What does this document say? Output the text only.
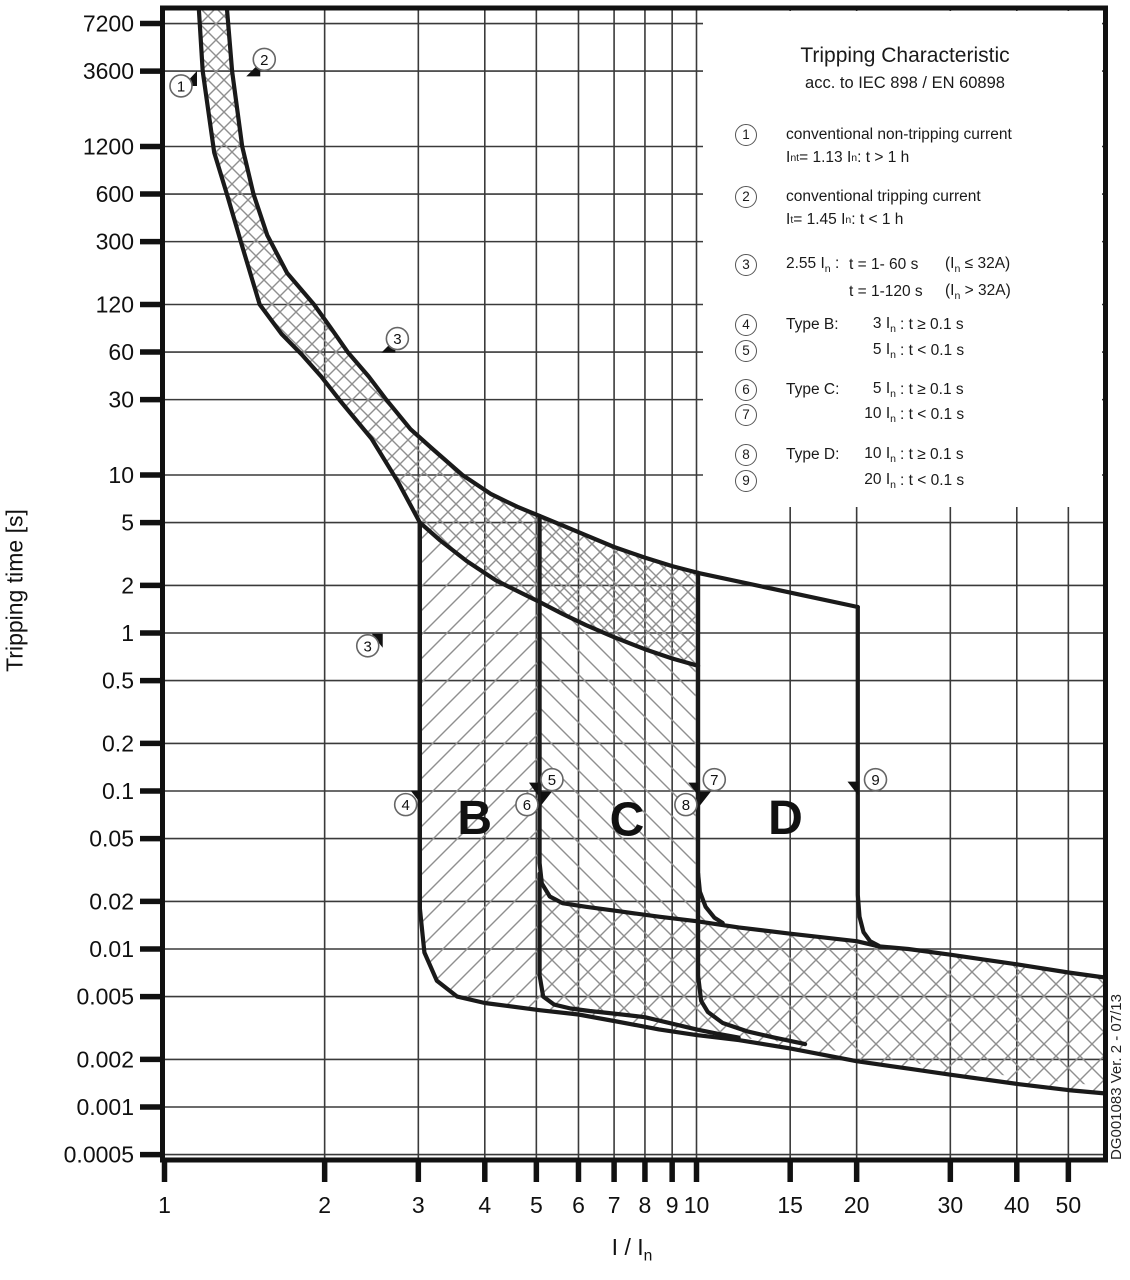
7200
3600
1200
600
300
120
60
30
10
5
2
1
0.5
0.2
0.1
0.05
0.02
0.01
0.005
0.002
0.001
0.0005
1	2	3 4 5 6 7 8 9 10	15 20	30 40 50
B C	D
1
2
3
3
4
5
6
7
8
9
Tripping Characteristic
acc. to IEC 898 / EN 60898
Tripping time [s]
I / $I_n$
DG001083 Ver. 2 - 07/13
1	conventional non-tripping current
I nt = 1.13 I n : t > 1 h
2	conventional tripping current
I t = 1.45 I n : t < 1 h
3	2.55 $I_n$ : t = 1- 60 s	$(I_n \le 32A)$
t = 1-120 s	$(I_n > 32A)$
4	Type B:	3 $I_n$ : t ≥ 0.1 s
5	5 $I_n$ : t < 0.1 s
6	Type C:	5 $I_n$ : t ≥ 0.1 s
7	10 $I_n$ : t < 0.1 s
8	Type D:	10 $I_n$ : t ≥ 0.1 s
9	20 $I_n$ : t < 0.1 s
